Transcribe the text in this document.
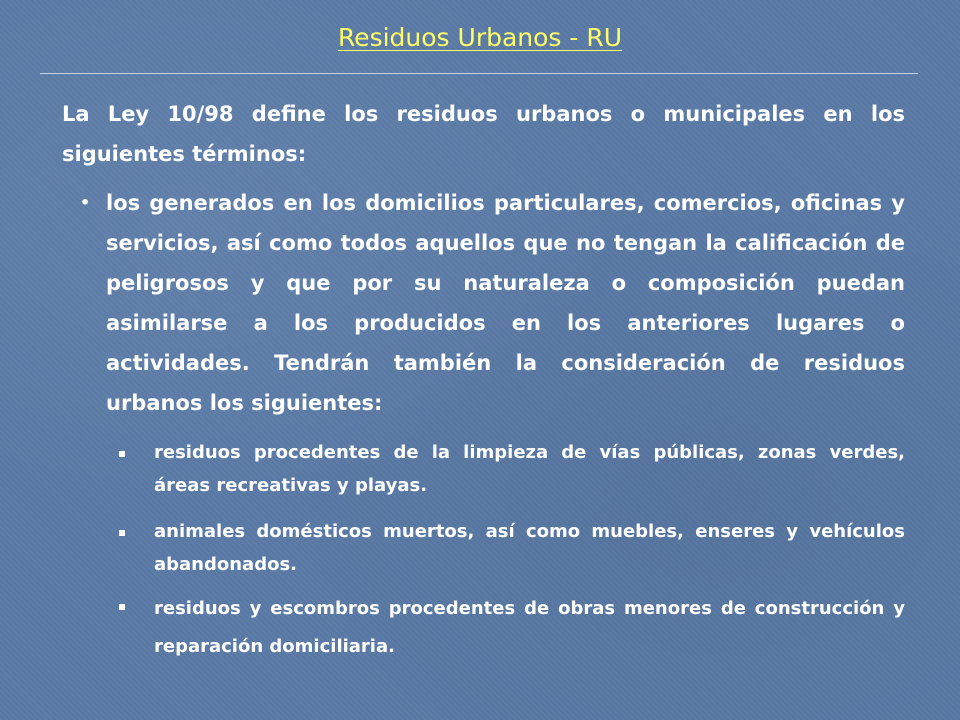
Residuos Urbanos - RU
La Ley 10/98 define los residuos urbanos o municipales en los siguientes términos:
• los generados en los domicilios particulares, comercios, oficinas y servicios, así como todos aquellos que no tengan la calificación de peligrosos y que por su naturaleza o composición puedan asimilarse a los producidos en los anteriores lugares o actividades. Tendrán también la consideración de residuos urbanos los siguientes:
residuos procedentes de la limpieza de vías públicas, zonas verdes, áreas recreativas y playas.
animales domésticos muertos, así como muebles, enseres y vehículos abandonados.
residuos y escombros procedentes de obras menores de construcción y reparación domiciliaria.
